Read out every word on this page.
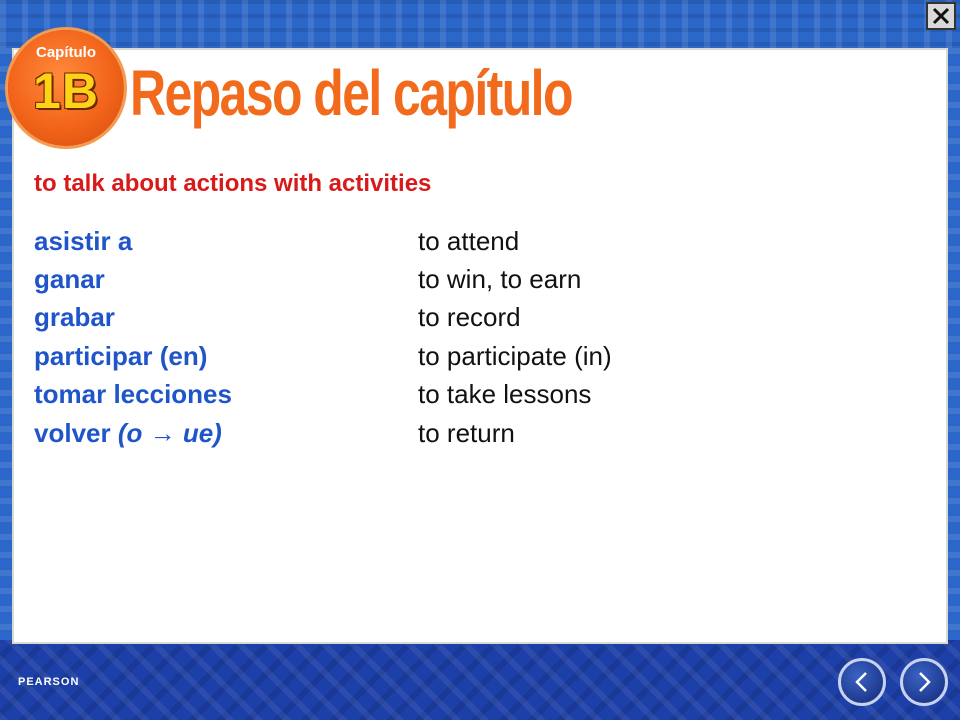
Capítulo
1B Repaso del capítulo
to talk about actions with activities
asistir a	to attend
ganar	to win, to earn
grabar	to record
participar (en)	to participate (in)
tomar lecciones	to take lessons
volver (o → ue)	to return
PEARSON
